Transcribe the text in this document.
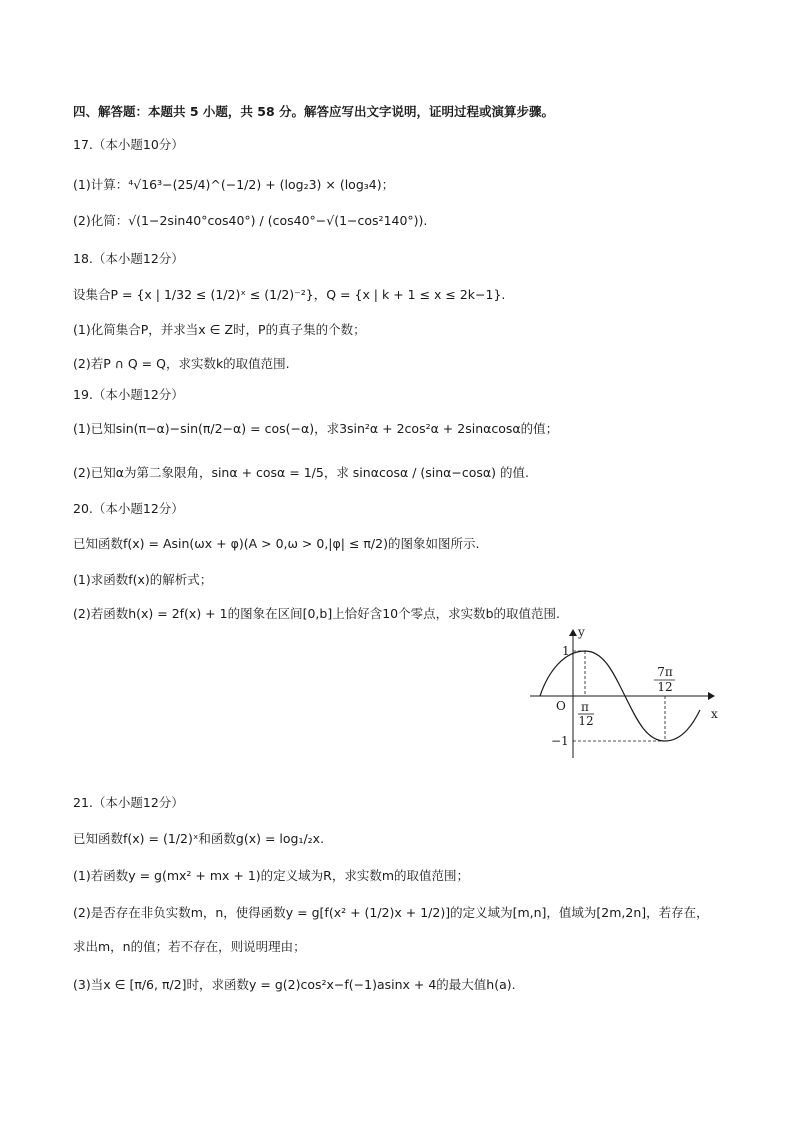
四、解答题：本题共 5 小题，共 58 分。解答应写出文字说明，证明过程或演算步骤。
17.（本小题10分）
(1)计算：⁴√16³−(25/4)^(−1/2) + (log₂3) × (log₃4)；
(2)化简：√(1−2sin40°cos40°) / (cos40°−√(1−cos²140°)).
18.（本小题12分）
设集合P = {x | 1/32 ≤ (1/2)ˣ ≤ (1/2)⁻²}，Q = {x | k + 1 ≤ x ≤ 2k−1}.
(1)化简集合P，并求当x ∈ Z时，P的真子集的个数；
(2)若P ∩ Q = Q，求实数k的取值范围.
19.（本小题12分）
(1)已知sin(π−α)−sin(π/2−α) = cos(−α)，求3sin²α + 2cos²α + 2sinαcosα的值；
(2)已知α为第二象限角，sinα + cosα = 1/5，求 sinαcosα / (sinα−cosα) 的值.
20.（本小题12分）
已知函数f(x) = Asin(ωx + φ)(A > 0,ω > 0,|φ| ≤ π/2)的图象如图所示.
(1)求函数f(x)的解析式；
(2)若函数h(x) = 2f(x) + 1的图象在区间[0,b]上恰好含10个零点，求实数b的取值范围.
y
x
O
1
−1
π
12
7π
12
21.（本小题12分）
已知函数f(x) = (1/2)ˣ和函数g(x) = log₁/₂x.
(1)若函数y = g(mx² + mx + 1)的定义域为R，求实数m的取值范围；
(2)是否存在非负实数m，n，使得函数y = g[f(x² + (1/2)x + 1/2)]的定义域为[m,n]，值域为[2m,2n]，若存在，
求出m，n的值；若不存在，则说明理由；
(3)当x ∈ [π/6, π/2]时，求函数y = g(2)cos²x−f(−1)asinx + 4的最大值h(a).
